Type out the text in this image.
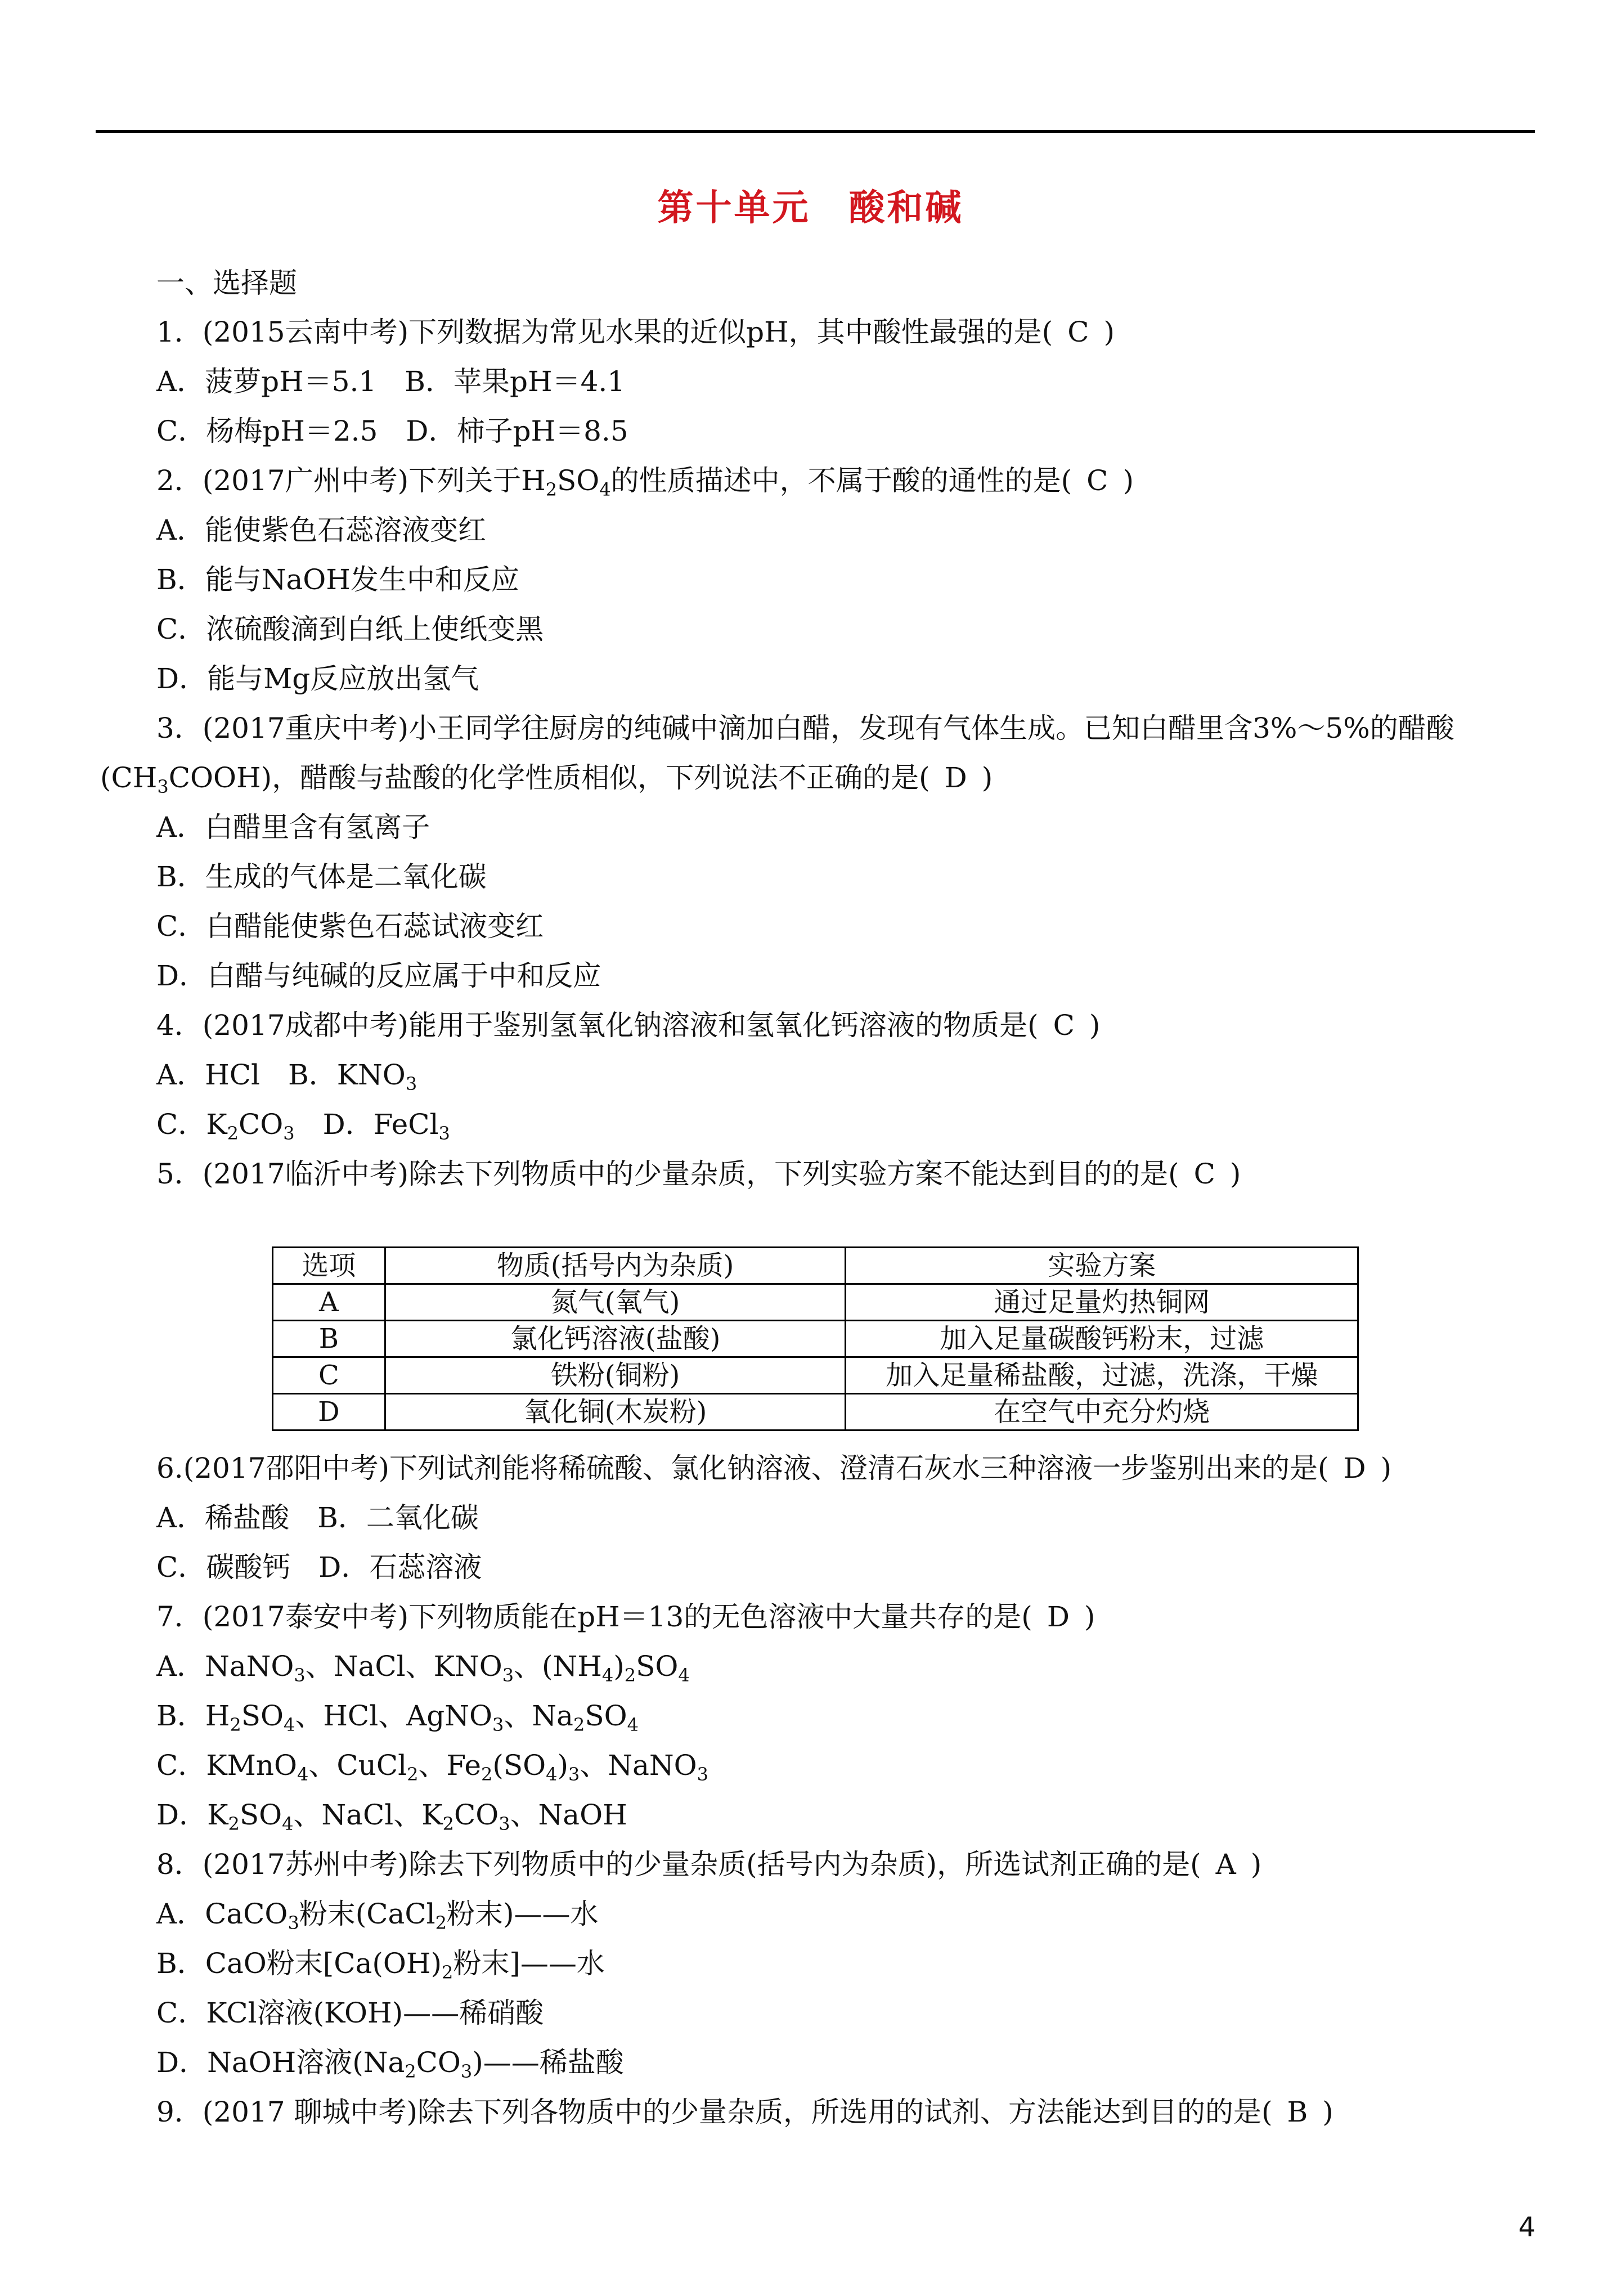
第十单元　酸和碱
一、选择题
1．(2015云南中考)下列数据为常见水果的近似pH，其中酸性最强的是( C )
A．菠萝pH＝5.1　B．苹果pH＝4.1
C．杨梅pH＝2.5　D．柿子pH＝8.5
2．(2017广州中考)下列关于$H_2SO_4$的性质描述中，不属于酸的通性的是( C )
A．能使紫色石蕊溶液变红
B．能与NaOH发生中和反应
C．浓硫酸滴到白纸上使纸变黑
D．能与Mg反应放出氢气
3．(2017重庆中考)小王同学往厨房的纯碱中滴加白醋，发现有气体生成。已知白醋里含3%～5%的醋酸
$(CH_3COOH)$，醋酸与盐酸的化学性质相似，下列说法不正确的是( D )
A．白醋里含有氢离子
B．生成的气体是二氧化碳
C．白醋能使紫色石蕊试液变红
D．白醋与纯碱的反应属于中和反应
4．(2017成都中考)能用于鉴别氢氧化钠溶液和氢氧化钙溶液的物质是( C )
A．HCl　B．$KNO_3$
C．$K_2CO_3$　D．FeCl$_3$
5．(2017临沂中考)除去下列物质中的少量杂质，下列实验方案不能达到目的的是( C )
选项	物质(括号内为杂质)	实验方案
A	氮气(氧气)	通过足量灼热铜网
B	氯化钙溶液(盐酸)	加入足量碳酸钙粉末，过滤
C	铁粉(铜粉)	加入足量稀盐酸，过滤，洗涤，干燥
D	氧化铜(木炭粉)	在空气中充分灼烧
6.(2017邵阳中考)下列试剂能将稀硫酸、氯化钠溶液、澄清石灰水三种溶液一步鉴别出来的是( D )
A．稀盐酸　B．二氧化碳
C．碳酸钙　D．石蕊溶液
7．(2017泰安中考)下列物质能在pH＝13的无色溶液中大量共存的是( D )
A．NaNO$_3$、NaCl、$KNO_3$、$(NH_4)_2SO_4$
B．$H_2SO_4$、HCl、AgNO$_3$、$Na_2SO_4$
C．KMnO$_4$、CuCl$_2$、$Fe_2(SO_4)_3$、NaNO$_3$
D．$K_2SO_4$、NaCl、$K_2CO_3$、NaOH
8．(2017苏州中考)除去下列物质中的少量杂质(括号内为杂质)，所选试剂正确的是( A )
A．CaCO$_3$粉末(CaCl$_2$粉末)——水
B．CaO粉末[$Ca(OH)_2$粉末]——水
C．KCl溶液(KOH)——稀硝酸
D．NaOH溶液$(Na_2CO_3)——$稀盐酸
9．(2017 聊城中考)除去下列各物质中的少量杂质，所选用的试剂、方法能达到目的的是( B )
4
